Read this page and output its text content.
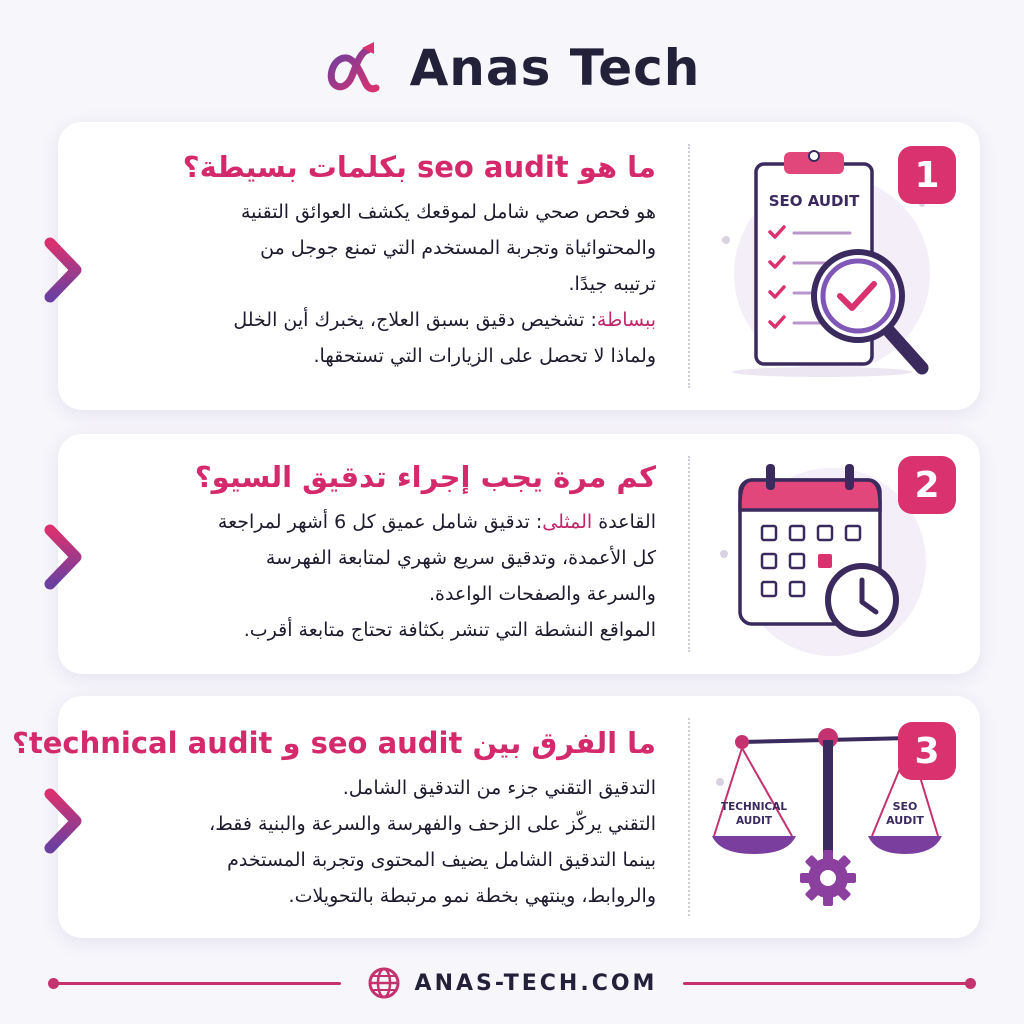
Anas Tech
ما هو seo audit بكلمات بسيطة؟
هو فحص صحي شامل لموقعك يكشف العوائق التقنية
والمحتوائياة وتجربة المستخدم التي تمنع جوجل من
ترتيبه جيدًا.
ببساطة: تشخيص دقيق بسبق العلاج، يخبرك أين الخلل
ولماذا لا تحصل على الزيارات التي تستحقها.
SEO AUDIT
1
كم مرة يجب إجراء تدقيق السيو؟
القاعدة المثلى: تدقيق شامل عميق كل 6 أشهر لمراجعة
كل الأعمدة، وتدقيق سريع شهري لمتابعة الفهرسة
والسرعة والصفحات الواعدة.
المواقع النشطة التي تنشر بكثافة تحتاج متابعة أقرب.
2
ما الفرق بين seo audit و technical audit؟
التدقيق التقني جزء من التدقيق الشامل.
التقني يركّز على الزحف والفهرسة والسرعة والبنية فقط،
بينما التدقيق الشامل يضيف المحتوى وتجربة المستخدم
والروابط، وينتهي بخطة نمو مرتبطة بالتحويلات.
TECHNICAL
AUDIT
SEO
AUDIT
3
ANAS-TECH.COM
